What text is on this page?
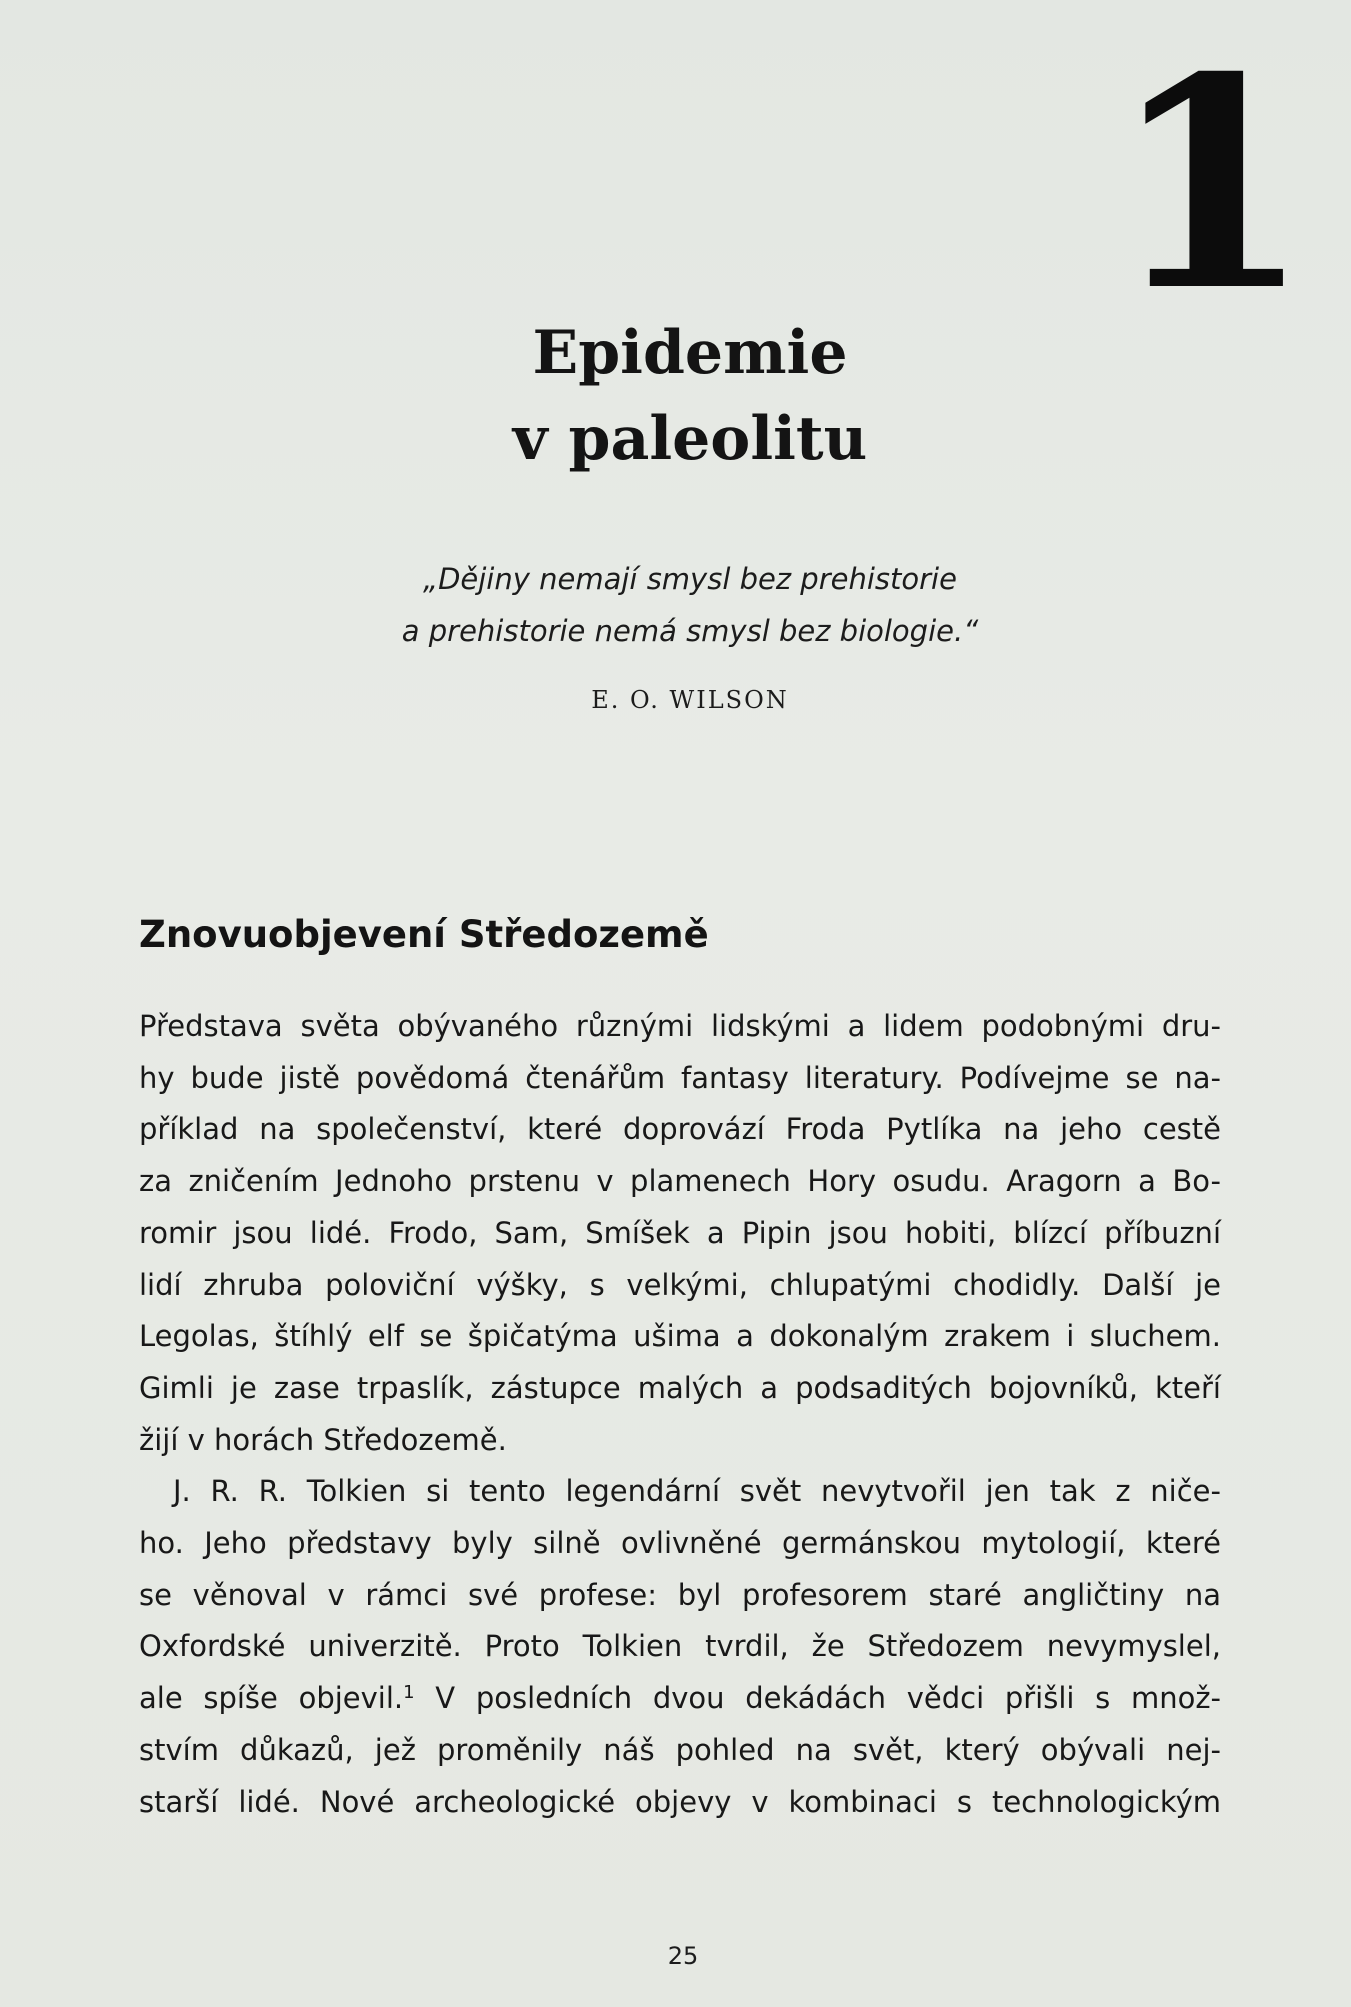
1
Epidemie
v paleolitu

„Dějiny nemají smysl bez prehistorie
a prehistorie nemá smysl bez biologie.“

E. O. WILSON
Znovuobjevení Středozemě
Představa světa obývaného různými lidskými a lidem podobnými dru-
hy bude jistě povědomá čtenářům fantasy literatury. Podívejme se na-
příklad na společenství, které doprovází Froda Pytlíka na jeho cestě
za zničením Jednoho prstenu v plamenech Hory osudu. Aragorn a Bo-
romir jsou lidé. Frodo, Sam, Smíšek a Pipin jsou hobiti, blízcí příbuzní
lidí zhruba poloviční výšky, s velkými, chlupatými chodidly. Další je
Legolas, štíhlý elf se špičatýma ušima a dokonalým zrakem i sluchem.
Gimli je zase trpaslík, zástupce malých a podsaditých bojovníků, kteří
žijí v horách Středozemě.
J. R. R. Tolkien si tento legendární svět nevytvořil jen tak z niče-
ho. Jeho představy byly silně ovlivněné germánskou mytologií, které
se věnoval v rámci své profese: byl profesorem staré angličtiny na
Oxfordské univerzitě. Proto Tolkien tvrdil, že Středozem nevymyslel,
ale spíše objevil.$^1$ V posledních dvou dekádách vědci přišli s množ-
stvím důkazů, jež proměnily náš pohled na svět, který obývali nej-
starší lidé. Nové archeologické objevy v kombinaci s technologickým
25
